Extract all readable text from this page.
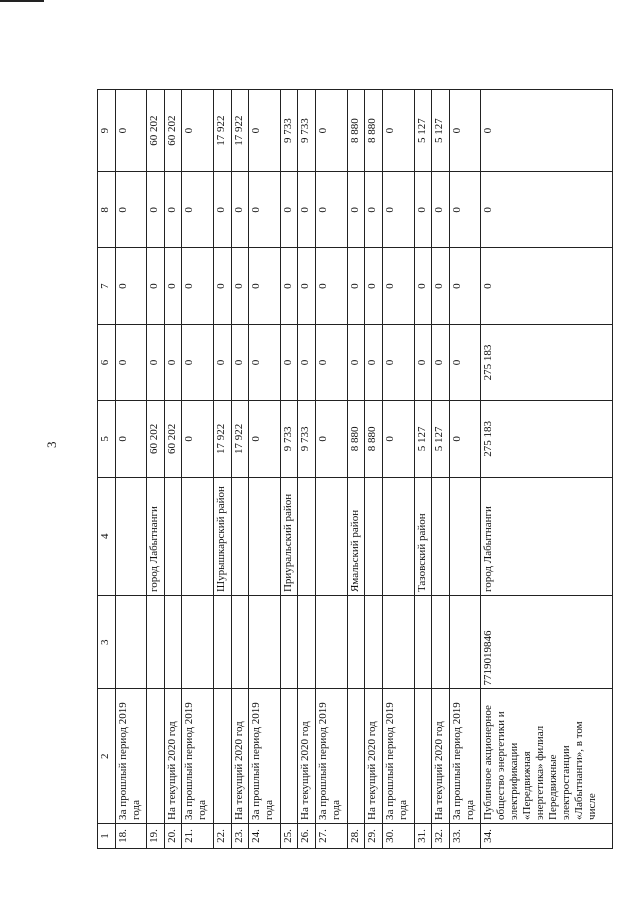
3
1	2	3	4	5	6	7	8	9
18.	За прошлый период 2019 года			0	0	0	0	0
19.			город Лабытнанги	60 202	0	0	0	60 202
20.	На текущий 2020 год			60 202	0	0	0	60 202
21.	За прошлый период 2019 года			0	0	0	0	0
22.			Шурышкарский район	17 922	0	0	0	17 922
23.	На текущий 2020 год			17 922	0	0	0	17 922
24.	За прошлый период 2019 года			0	0	0	0	0
25.			Приуральский район	9 733	0	0	0	9 733
26.	На текущий 2020 год			9 733	0	0	0	9 733
27.	За прошлый период 2019 года			0	0	0	0	0
28.			Ямальский район	8 880	0	0	0	8 880
29.	На текущий 2020 год			8 880	0	0	0	8 880
30.	За прошлый период 2019 года			0	0	0	0	0
31.			Тазовский район	5 127	0	0	0	5 127
32.	На текущий 2020 год			5 127	0	0	0	5 127
33.	За прошлый период 2019 года			0	0	0	0	0
34.	Публичное акционерное общество энергетики и электрификации «Передвижная энергетика» филиал Передвижные электростанции «Лабытнанги», в том числе	7719019846	город Лабытнанги	275 183	275 183	0	0	0
